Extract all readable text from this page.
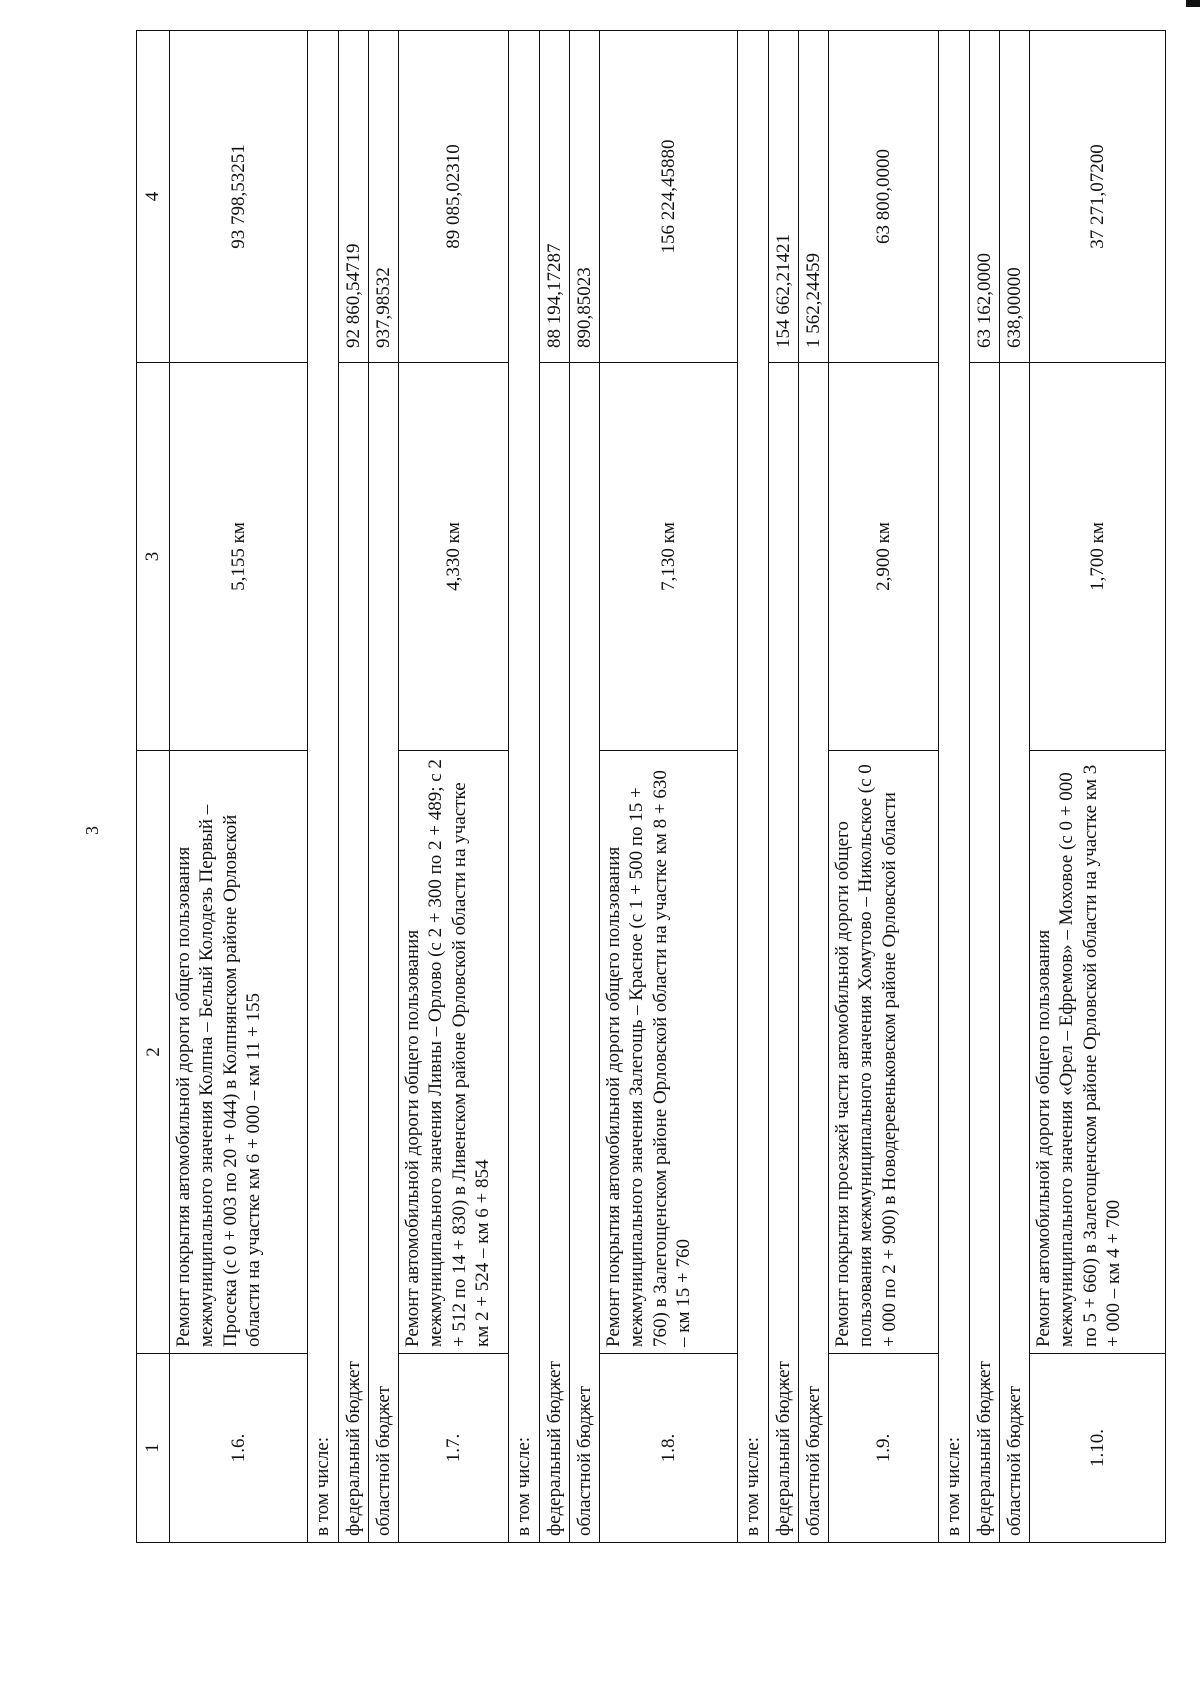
3
1	2	3	4
1.6.	Ремонт покрытия автомобильной дороги общего пользования межмуниципального значения Колпна – Белый Колодезь Первый – Просека (с 0 + 003 по 20 + 044) в Колпнянском районе Орловской области на участке км 6 + 000 – км 11 + 155	5,155 км	93 798,53251
в том числе:			
федеральный бюджет			92 860,54719
областной бюджет			937,98532
1.7.	Ремонт автомобильной дороги общего пользования межмуниципального значения Ливны – Орлово (с 2 + 300 по 2 + 489; с 2 + 512 по 14 + 830) в Ливенском районе Орловской области на участке км 2 + 524 – км 6 + 854	4,330 км	89 085,02310
в том числе:			
федеральный бюджет			88 194,17287
областной бюджет			890,85023
1.8.	Ремонт покрытия автомобильной дороги общего пользования межмуниципального значения Залегощь – Красное (с 1 + 500 по 15 + 760) в Залегощенском районе Орловской области на участке км 8 + 630 – км 15 + 760	7,130 км	156 224,45880
в том числе:			
федеральный бюджет			154 662,21421
областной бюджет			1 562,24459
1.9.	Ремонт покрытия проезжей части автомобильной дороги общего пользования межмуниципального значения Хомутово – Никольское (с 0 + 000 по 2 + 900) в Новодеревеньковском районе Орловской области	2,900 км	63 800,0000
в том числе:			
федеральный бюджет			63 162,0000
областной бюджет			638,00000
1.10.	Ремонт автомобильной дороги общего пользования межмуниципального значения «Орел – Ефремов» – Моховое (с 0 + 000 по 5 + 660) в Залегощенском районе Орловской области на участке км 3 + 000 – км 4 + 700	1,700 км	37 271,07200
